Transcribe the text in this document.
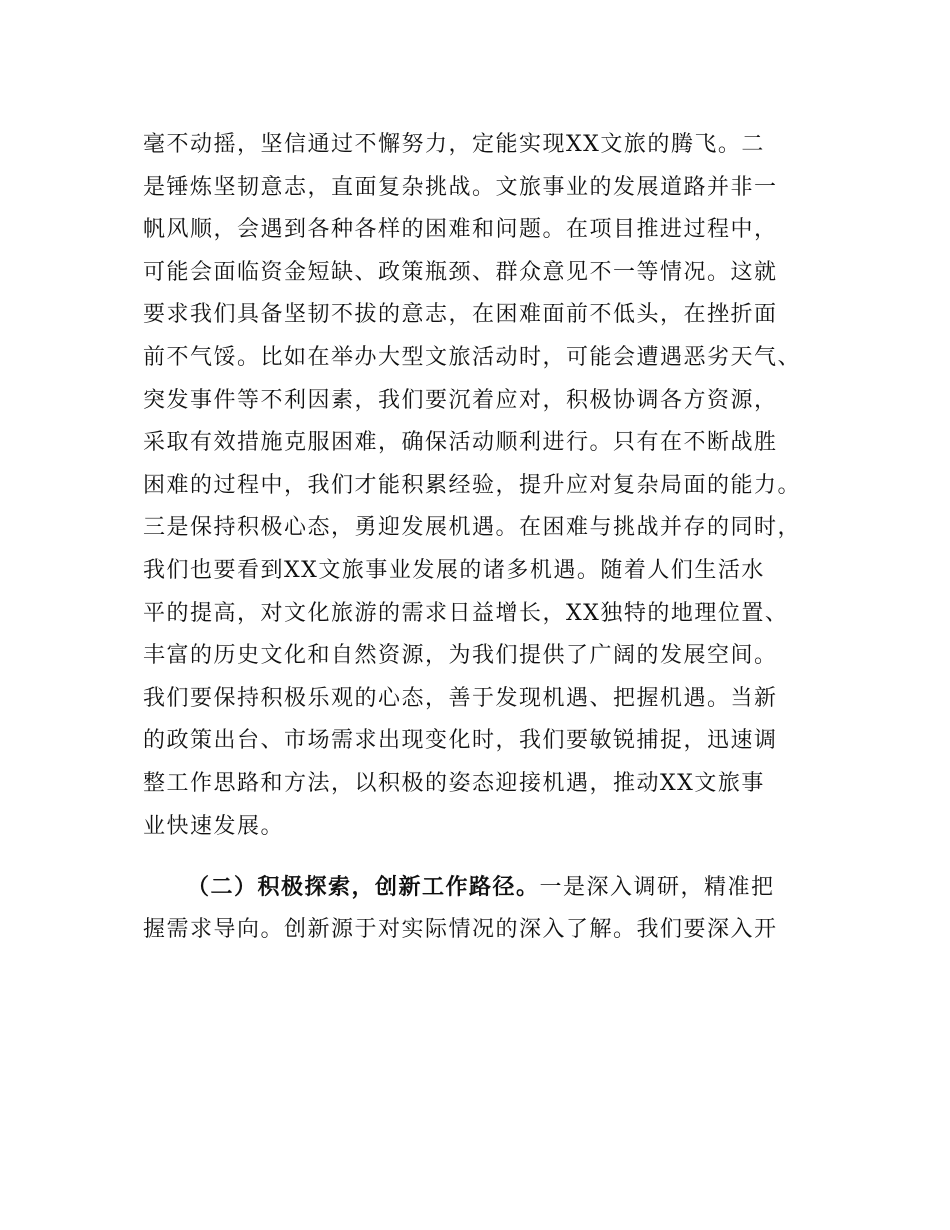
毫不动摇，坚信通过不懈努力，定能实现XX文旅的腾飞。二
是锤炼坚韧意志，直面复杂挑战。文旅事业的发展道路并非一
帆风顺，会遇到各种各样的困难和问题。在项目推进过程中，
可能会面临资金短缺、政策瓶颈、群众意见不一等情况。这就
要求我们具备坚韧不拔的意志，在困难面前不低头，在挫折面
前不气馁。比如在举办大型文旅活动时，可能会遭遇恶劣天气、
突发事件等不利因素，我们要沉着应对，积极协调各方资源，
采取有效措施克服困难，确保活动顺利进行。只有在不断战胜
困难的过程中，我们才能积累经验，提升应对复杂局面的能力。
三是保持积极心态，勇迎发展机遇。在困难与挑战并存的同时，
我们也要看到XX文旅事业发展的诸多机遇。随着人们生活水
平的提高，对文化旅游的需求日益增长，XX独特的地理位置、
丰富的历史文化和自然资源，为我们提供了广阔的发展空间。
我们要保持积极乐观的心态，善于发现机遇、把握机遇。当新
的政策出台、市场需求出现变化时，我们要敏锐捕捉，迅速调
整工作思路和方法，以积极的姿态迎接机遇，推动XX文旅事
业快速发展。
（二）积极探索，创新工作路径。一是深入调研，精准把
握需求导向。创新源于对实际情况的深入了解。我们要深入开
